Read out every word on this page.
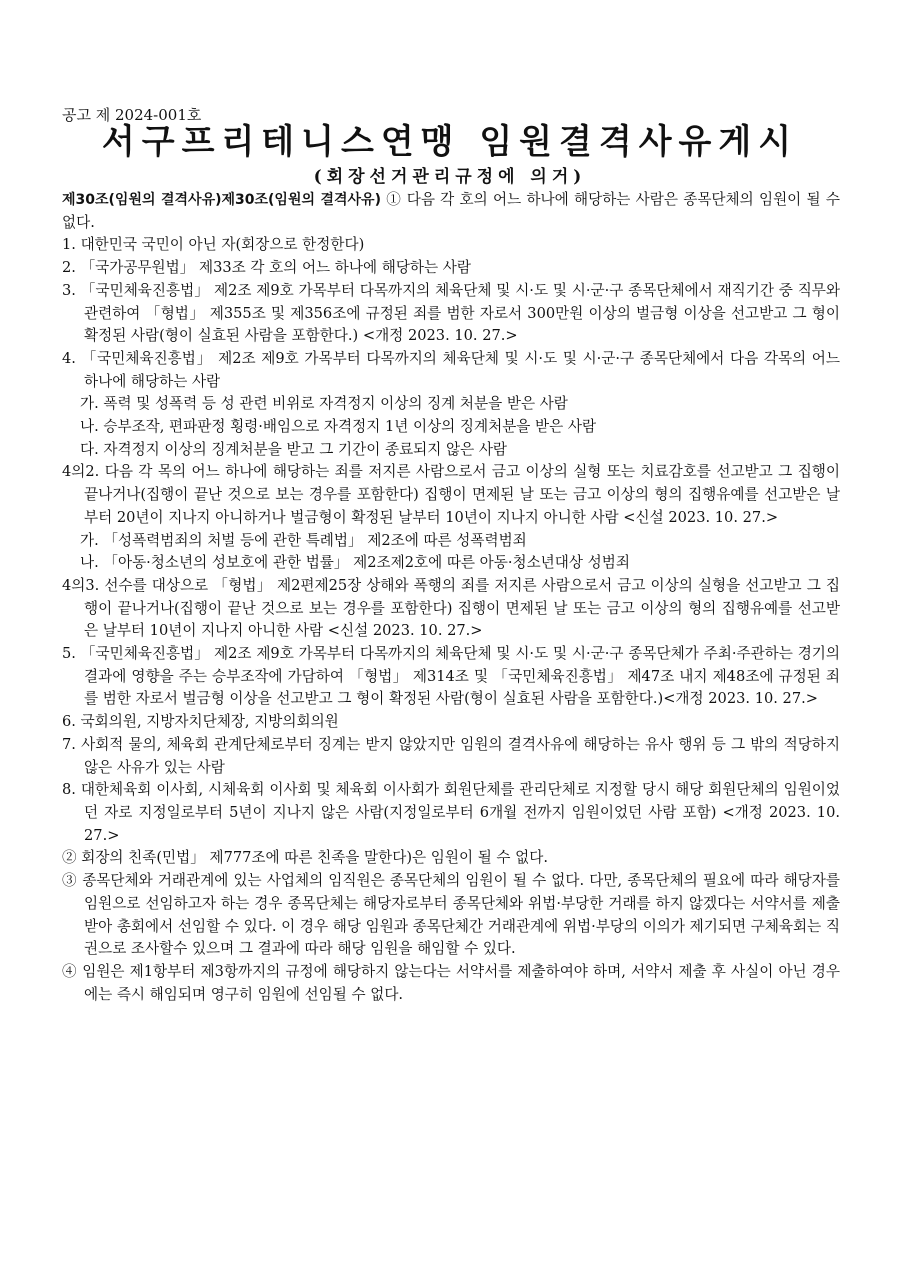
공고 제 2024-001호
서구프리테니스연맹 임원결격사유게시
(회장선거관리규정에 의거)

제30조(임원의 결격사유)제30조(임원의 결격사유) ① 다음 각 호의 어느 하나에 해당하는 사람은 종목단체의 임원이 될 수 없다.

1. 대한민국 국민이 아닌 자(회장으로 한정한다)

2. 「국가공무원법」 제33조 각 호의 어느 하나에 해당하는 사람

3. 「국민체육진흥법」 제2조 제9호 가목부터 다목까지의 체육단체 및 시·도 및 시·군·구 종목단체에서 재직기간 중 직무와 관련하여 「형법」 제355조 및 제356조에 규정된 죄를 범한 자로서 300만원 이상의 벌금형 이상을 선고받고 그 형이 확정된 사람(형이 실효된 사람을 포함한다.) <개정 2023. 10. 27.>

4. 「국민체육진흥법」 제2조 제9호 가목부터 다목까지의 체육단체 및 시·도 및 시·군·구 종목단체에서 다음 각목의 어느 하나에 해당하는 사람

가. 폭력 및 성폭력 등 성 관련 비위로 자격정지 이상의 징계 처분을 받은 사람

나. 승부조작, 편파판정 횡령·배임으로 자격정지 1년 이상의 징계처분을 받은 사람

다. 자격정지 이상의 징계처분을 받고 그 기간이 종료되지 않은 사람

4의2. 다음 각 목의 어느 하나에 해당하는 죄를 저지른 사람으로서 금고 이상의 실형 또는 치료감호를 선고받고 그 집행이 끝나거나(집행이 끝난 것으로 보는 경우를 포함한다) 집행이 면제된 날 또는 금고 이상의 형의 집행유예를 선고받은 날부터 20년이 지나지 아니하거나 벌금형이 확정된 날부터 10년이 지나지 아니한 사람 <신설 2023. 10. 27.>

가. 「성폭력범죄의 처벌 등에 관한 특례법」 제2조에 따른 성폭력범죄

나. 「아동·청소년의 성보호에 관한 법률」 제2조제2호에 따른 아동·청소년대상 성범죄

4의3. 선수를 대상으로 「형법」 제2편제25장 상해와 폭행의 죄를 저지른 사람으로서 금고 이상의 실형을 선고받고 그 집행이 끝나거나(집행이 끝난 것으로 보는 경우를 포함한다) 집행이 면제된 날 또는 금고 이상의 형의 집행유예를 선고받은 날부터 10년이 지나지 아니한 사람 <신설 2023. 10. 27.>

5. 「국민체육진흥법」 제2조 제9호 가목부터 다목까지의 체육단체 및 시·도 및 시·군·구 종목단체가 주최·주관하는 경기의 결과에 영향을 주는 승부조작에 가담하여 「형법」 제314조 및 「국민체육진흥법」 제47조 내지 제48조에 규정된 죄를 범한 자로서 벌금형 이상을 선고받고 그 형이 확정된 사람(형이 실효된 사람을 포함한다.)<개정 2023. 10. 27.>

6. 국회의원, 지방자치단체장, 지방의회의원

7. 사회적 물의, 체육회 관계단체로부터 징계는 받지 않았지만 임원의 결격사유에 해당하는 유사 행위 등 그 밖의 적당하지 않은 사유가 있는 사람

8. 대한체육회 이사회, 시체육회 이사회 및 체육회 이사회가 회원단체를 관리단체로 지정할 당시 해당 회원단체의 임원이었던 자로 지정일로부터 5년이 지나지 않은 사람(지정일로부터 6개월 전까지 임원이었던 사람 포함) <개정 2023. 10. 27.>

② 회장의 친족(민법」 제777조에 따른 친족을 말한다)은 임원이 될 수 없다.

③ 종목단체와 거래관계에 있는 사업체의 임직원은 종목단체의 임원이 될 수 없다. 다만, 종목단체의 필요에 따라 해당자를 임원으로 선임하고자 하는 경우 종목단체는 해당자로부터 종목단체와 위법·부당한 거래를 하지 않겠다는 서약서를 제출받아 총회에서 선임할 수 있다. 이 경우 해당 임원과 종목단체간 거래관계에 위법·부당의 이의가 제기되면 구체육회는 직권으로 조사할수 있으며 그 결과에 따라 해당 임원을 해임할 수 있다.

④ 임원은 제1항부터 제3항까지의 규정에 해당하지 않는다는 서약서를 제출하여야 하며, 서약서 제출 후 사실이 아닌 경우에는 즉시 해임되며 영구히 임원에 선임될 수 없다.
